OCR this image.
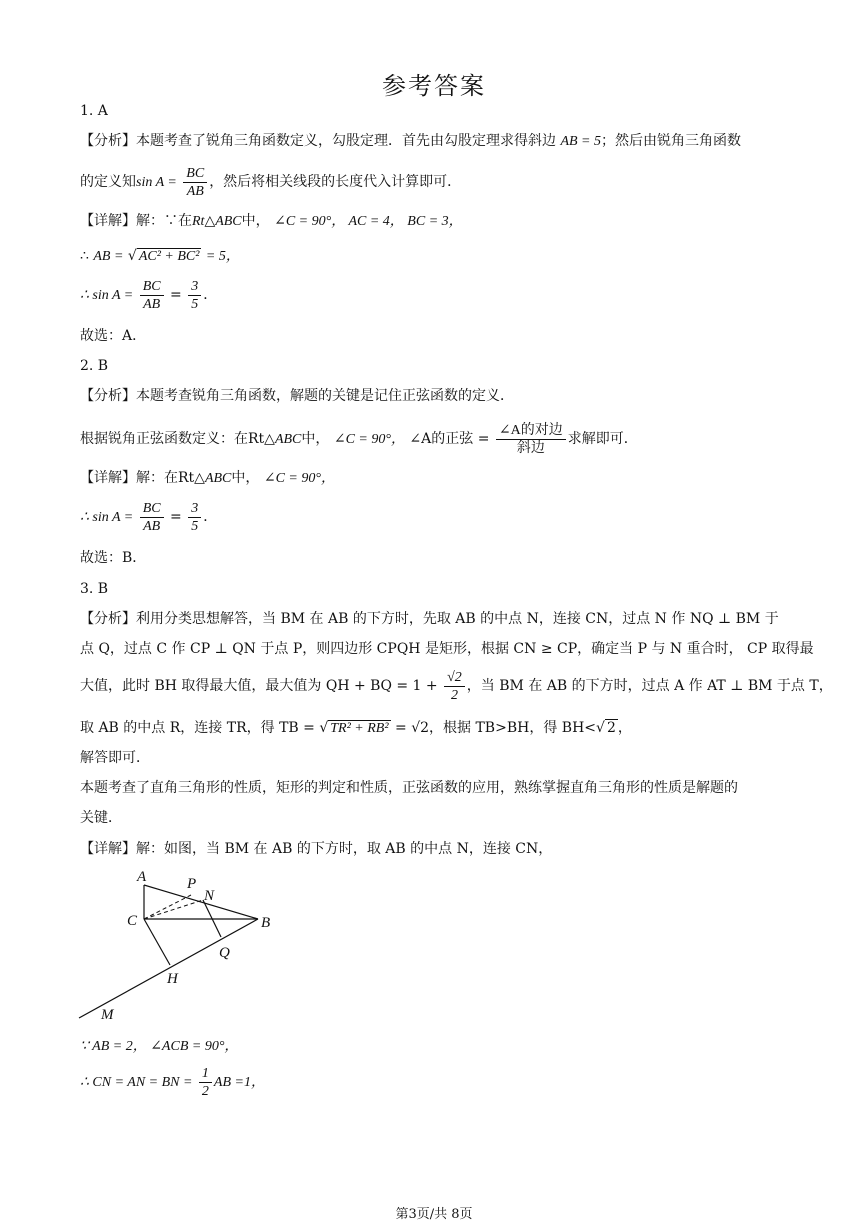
参考答案
1. A
【分析】本题考查了锐角三角函数定义，勾股定理．首先由勾股定理求得斜边 AB = 5；然后由锐角三角函数
的定义知$\sin A = \frac{BC}{AB}$ ，然后将相关线段的长度代入计算即可．
【详解】解：∵在Rt△ABC中， ∠C = 90°， AC = 4， BC = 3，
∴ AB = √ AC² + BC² = 5，
∴ $\sin A = \frac{BC}{AB} = \frac{3}{5}$ ．
故选：A．
2. B
【分析】本题考查锐角三角函数，解题的关键是记住正弦函数的定义．
根据锐角正弦函数定义：在Rt△ABC中， ∠C = 90°， ∠A的正弦 = $\frac{\text{∠A的对边}}{\text{斜边}}$ 求解即可．
【详解】解：在Rt△ABC中， ∠C = 90°，
∴ $\sin A = \frac{BC}{AB} = \frac{3}{5}$ ．
故选：B．
3. B
【分析】利用分类思想解答，当 BM 在 AB 的下方时，先取 AB 的中点 N，连接 CN，过点 N 作 NQ ⊥ BM 于
点 Q，过点 C 作 CP ⊥ QN 于点 P，则四边形 CPQH 是矩形，根据 CN ≥ CP，确定当 P 与 N 重合时， CP 取得最
大值，此时 BH 取得最大值，最大值为 QH + BQ = $1 + \frac{√2}{2}$ ，当 BM 在 AB 的下方时，过点 A 作 AT ⊥ BM 于点 T，
取 AB 的中点 R，连接 TR，得 TB = √ TR² + RB² = √2，根据 TB>BH，得 BH<√ 2 ，
解答即可．
本题考查了直角三角形的性质，矩形的判定和性质，正弦函数的应用，熟练掌握直角三角形的性质是解题的
关键．
【详解】解：如图，当 BM 在 AB 的下方时，取 AB 的中点 N，连接 CN，
A	P
N
C	B
Q
H
M
∵ AB = 2， ∠ACB = 90°，
∴ CN = AN = BN = $\frac{1}{2}$ AB =1，
第3页/共 8页
